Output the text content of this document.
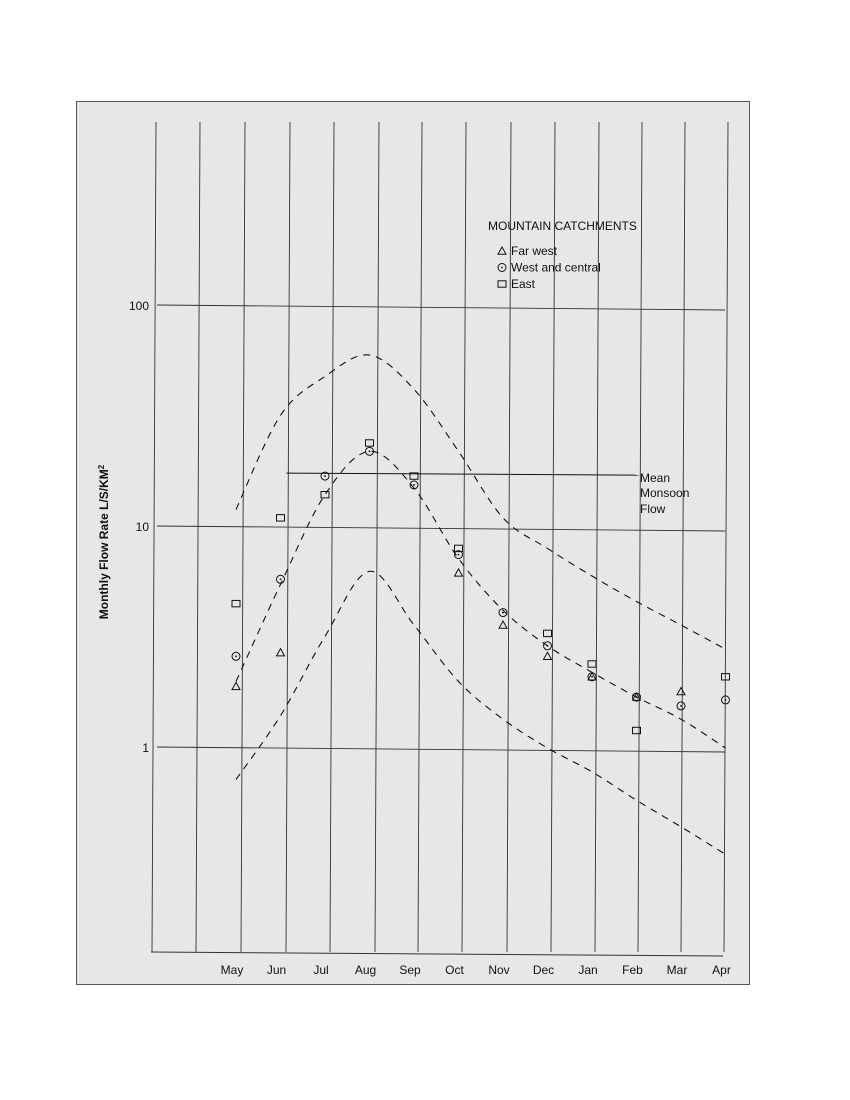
May Jun Jul Aug Sep Oct Nov Dec Jan Feb Mar Apr
1
10
100
Monthly Flow Rate $L/S/KM^2$
MOUNTAIN CATCHMENTS
Far west
West and central
East
Mean
Monsoon
Flow
